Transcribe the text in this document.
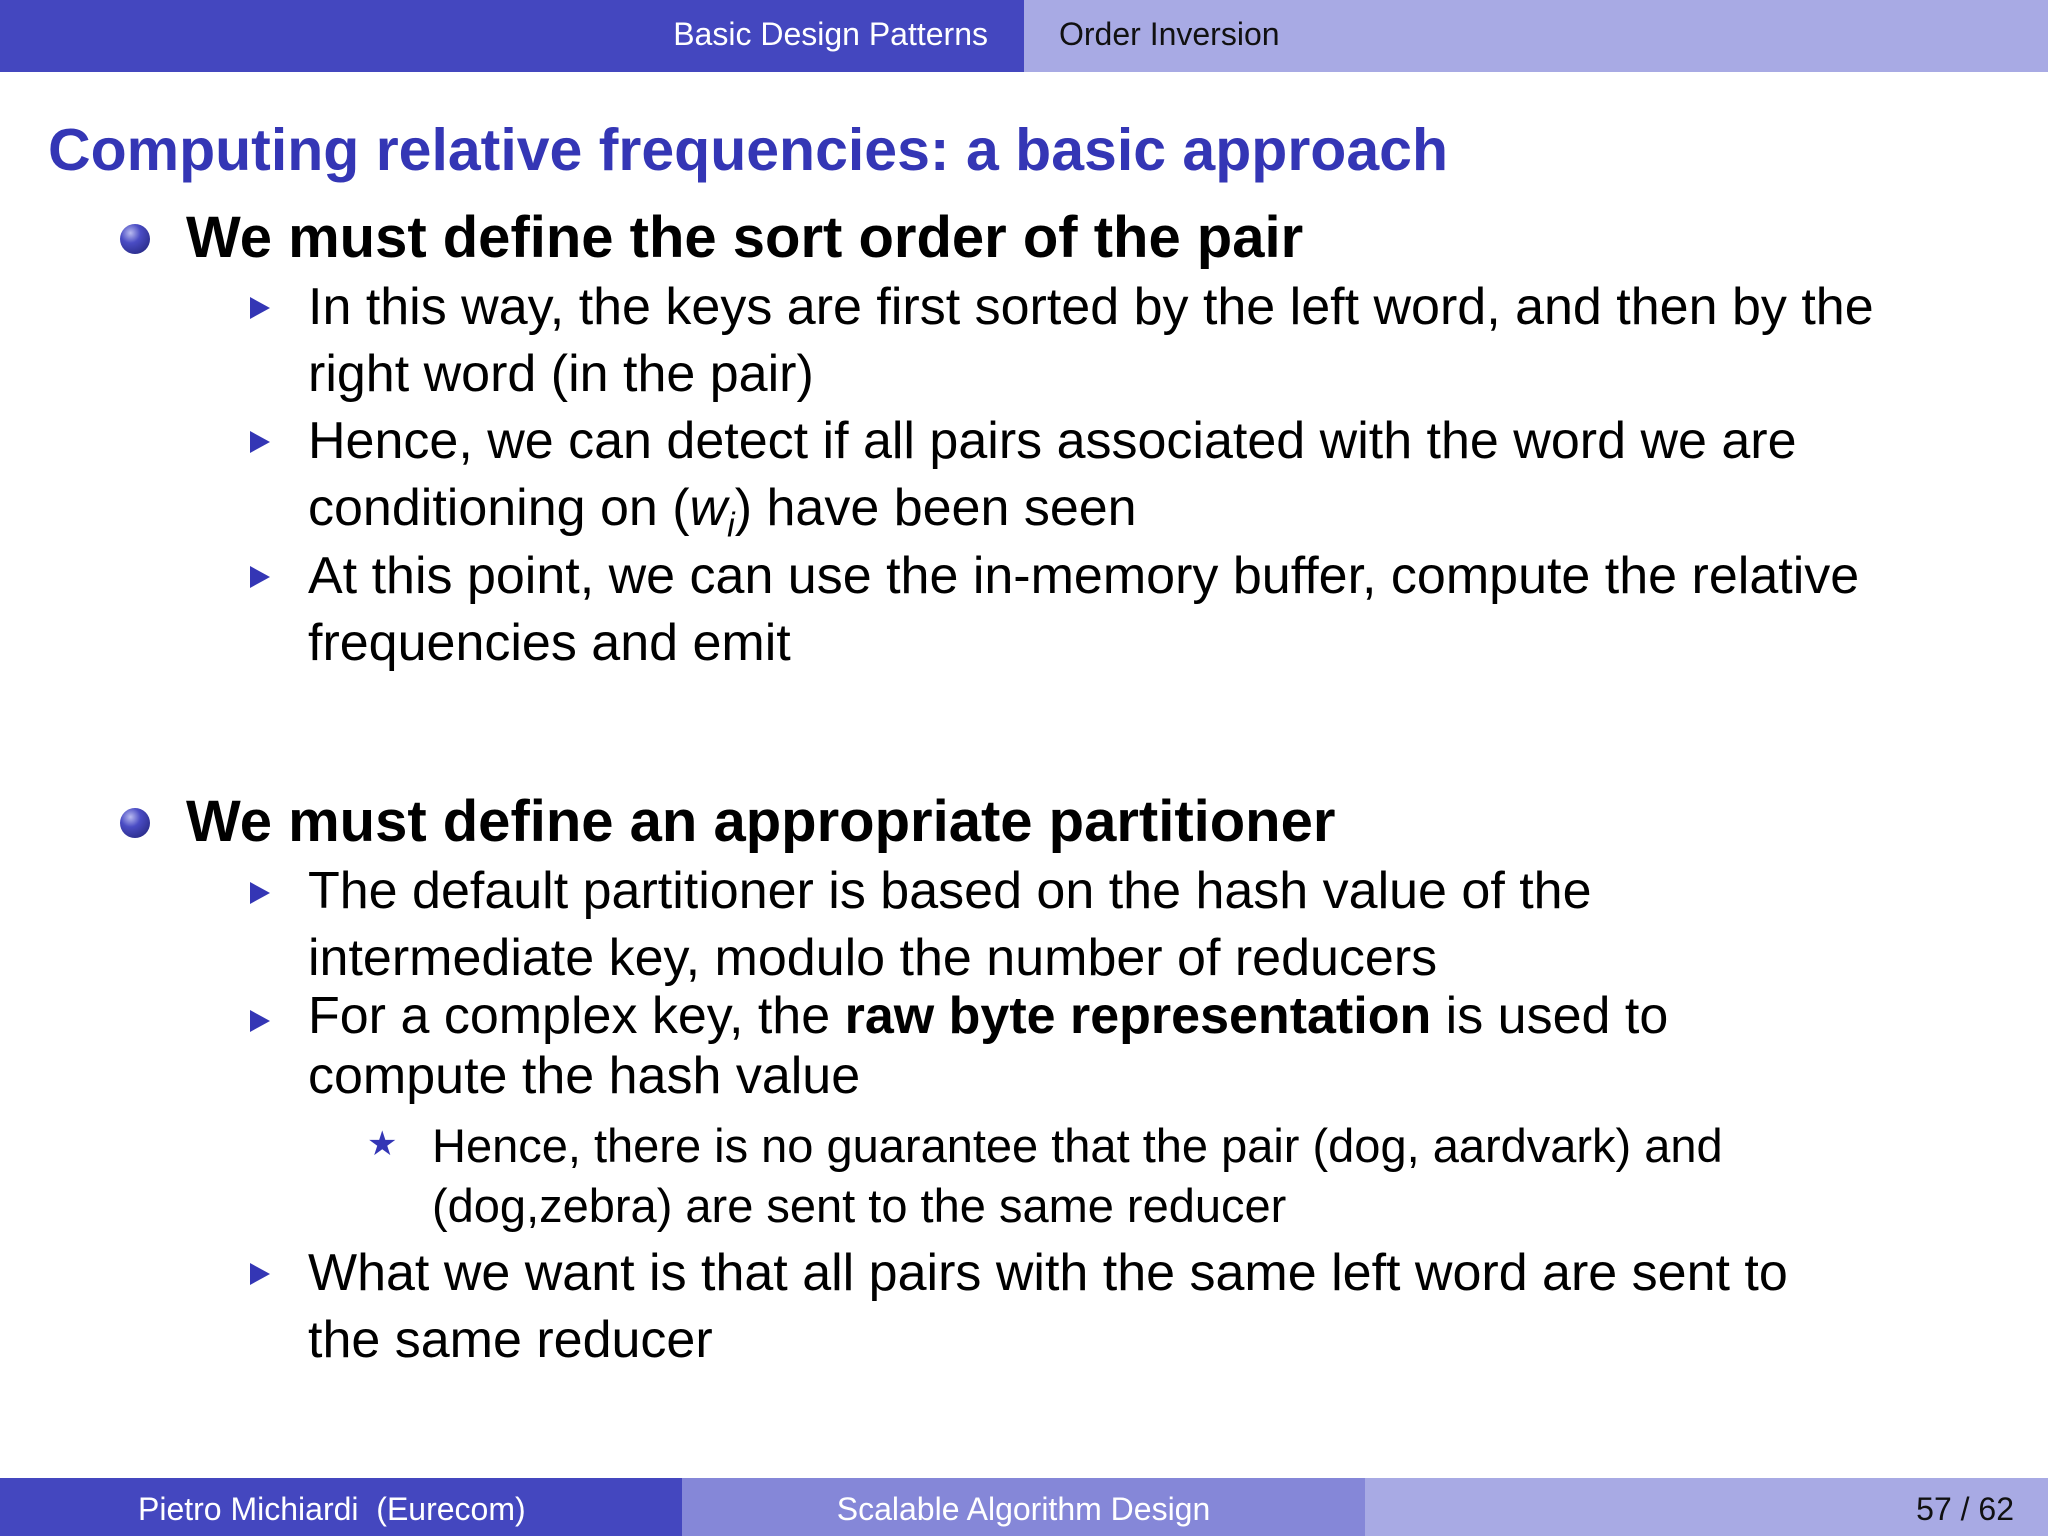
Basic Design Patterns Order Inversion
Computing relative frequencies: a basic approach
We must define the sort order of the pair
In this way, the keys are first sorted by the left word, and then by the
right word (in the pair)
Hence, we can detect if all pairs associated with the word we are
conditioning on $(w_i)$ have been seen
At this point, we can use the in-memory buffer, compute the relative
frequencies and emit
We must define an appropriate partitioner
The default partitioner is based on the hash value of the
intermediate key, modulo the number of reducers
For a complex key, the raw byte representation is used to
compute the hash value
★ Hence, there is no guarantee that the pair (dog, aardvark) and
(dog,zebra) are sent to the same reducer
What we want is that all pairs with the same left word are sent to
the same reducer
Pietro Michiardi  (Eurecom)	Scalable Algorithm Design	57 / 62
